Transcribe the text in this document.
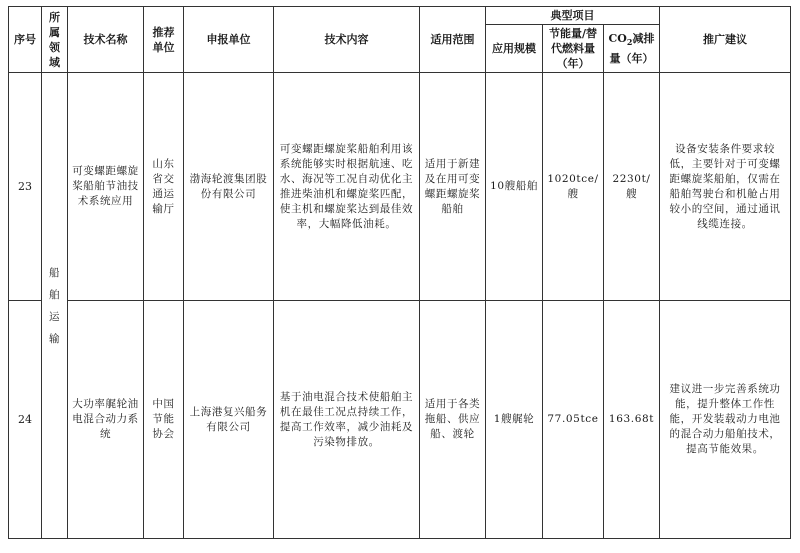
序号	所属领域	技术名称	推荐单位	申报单位	技术内容	适用范围	典型项目			推广建议
							应用规模	节能量/替代燃料量（年）	$CO_2$减排量（年）	
23	船舶运输	可变螺距螺旋桨船舶节油技术系统应用	山东省交通运输厅	渤海轮渡集团股份有限公司	可变螺距螺旋桨船舶利用该系统能够实时根据航速、吃水、海况等工况自动优化主推进柴油机和螺旋桨匹配，使主机和螺旋桨达到最佳效率，大幅降低油耗。	适用于新建及在用可变螺距螺旋桨船舶	10艘船舶	1020tce/艘	2230t/艘	设备安装条件要求较低，主要针对于可变螺距螺旋桨船舶，仅需在船舶驾驶台和机舱占用较小的空间，通过通讯线缆连接。
24		大功率艉轮油电混合动力系统	中国节能协会	上海港复兴船务有限公司	基于油电混合技术使船舶主机在最佳工况点持续工作，提高工作效率，减少油耗及污染物排放。	适用于各类拖船、供应船、渡轮	1艘艉轮	77.05tce	163.68t	建议进一步完善系统功能，提升整体工作性能，开发装载动力电池的混合动力船舶技术，提高节能效果。
